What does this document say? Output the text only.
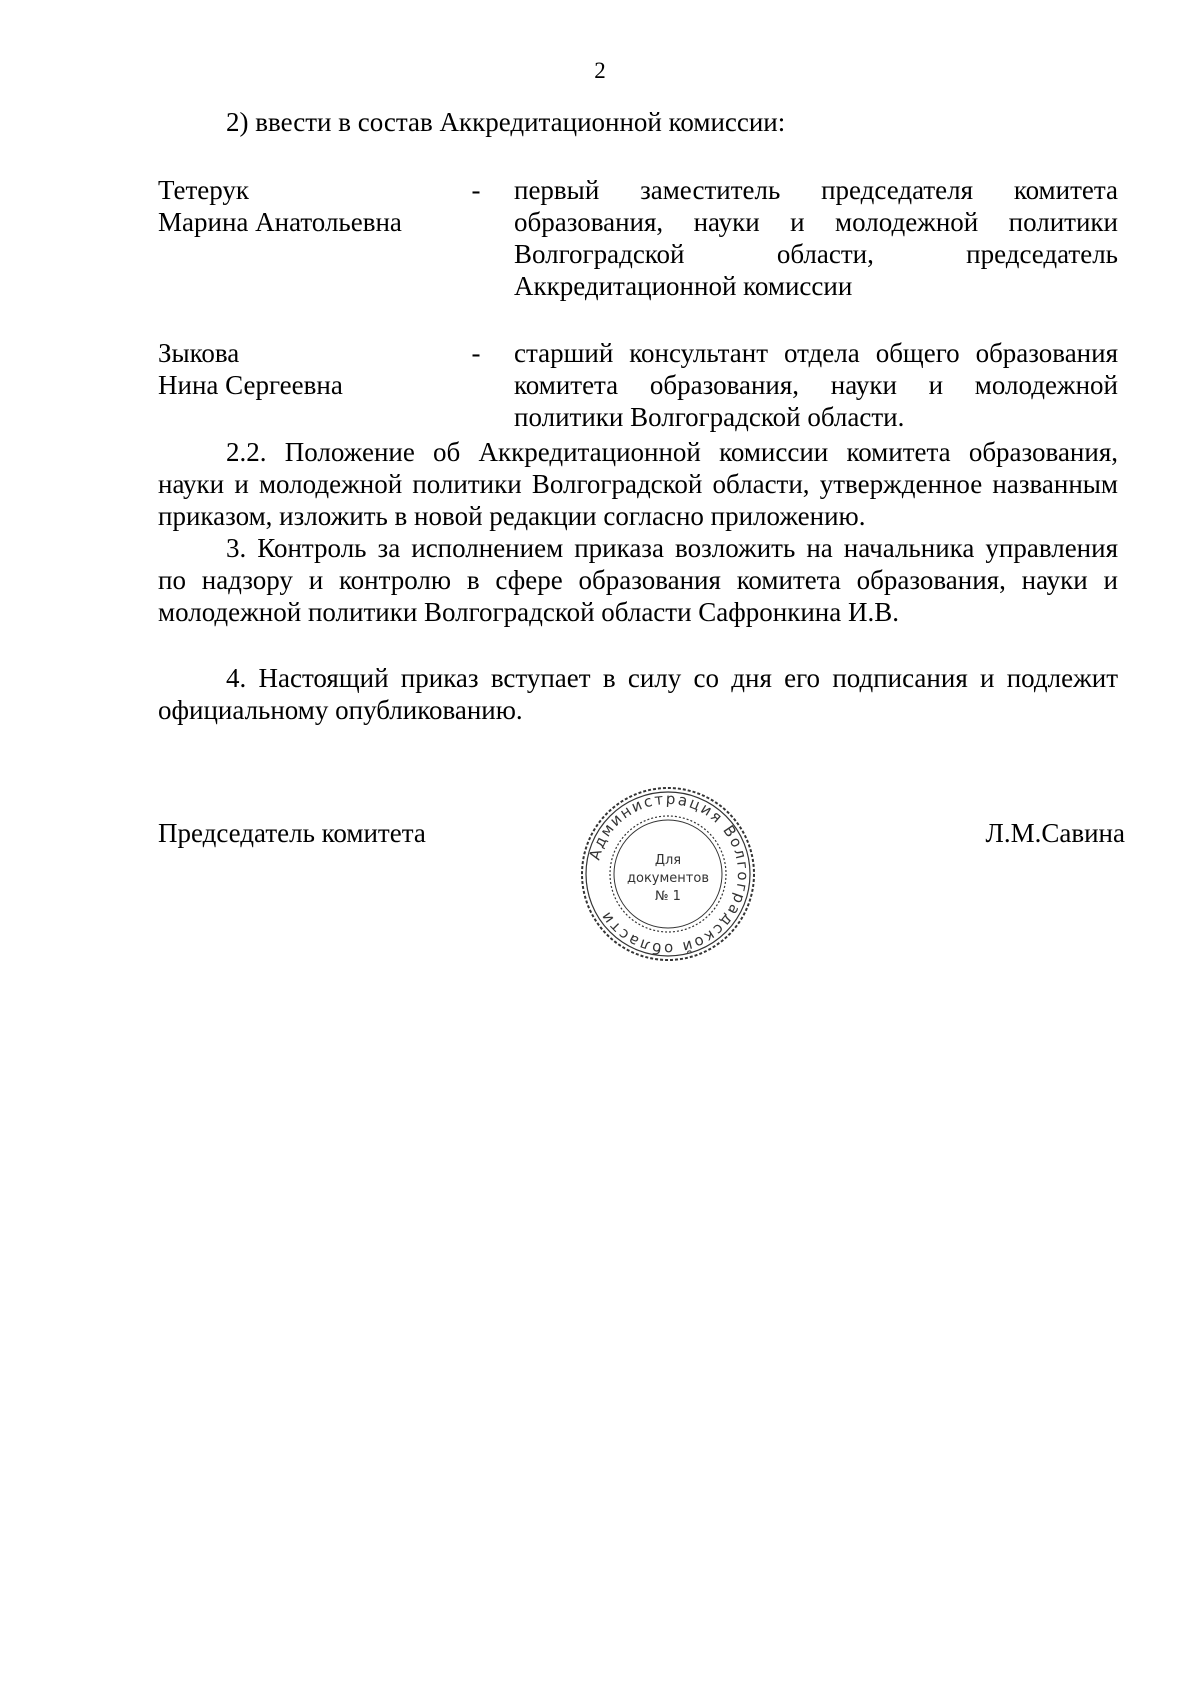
2
2) ввести в состав Аккредитационной комиссии:
Тетерук
Марина Анатольевна
- первый заместитель председателя комитета образования, науки и молодежной политики Волгоградской области, председатель Аккредитационной комиссии
Зыкова
Нина Сергеевна
- старший консультант отдела общего образования комитета образования, науки и молодежной политики Волгоградской области.
2.2. Положение об Аккредитационной комиссии комитета образования, науки и молодежной политики Волгоградской области, утвержденное названным приказом, изложить в новой редакции согласно приложению.
3. Контроль за исполнением приказа возложить на начальника управления по надзору и контролю в сфере образования комитета образования, науки и молодежной политики Волгоградской области Сафронкина И.В.
4. Настоящий приказ вступает в силу со дня его подписания и подлежит официальному опубликованию.
Председатель комитета	Л.М.Савина
Администрация Волгоградской области
Для
документов
№ 1
